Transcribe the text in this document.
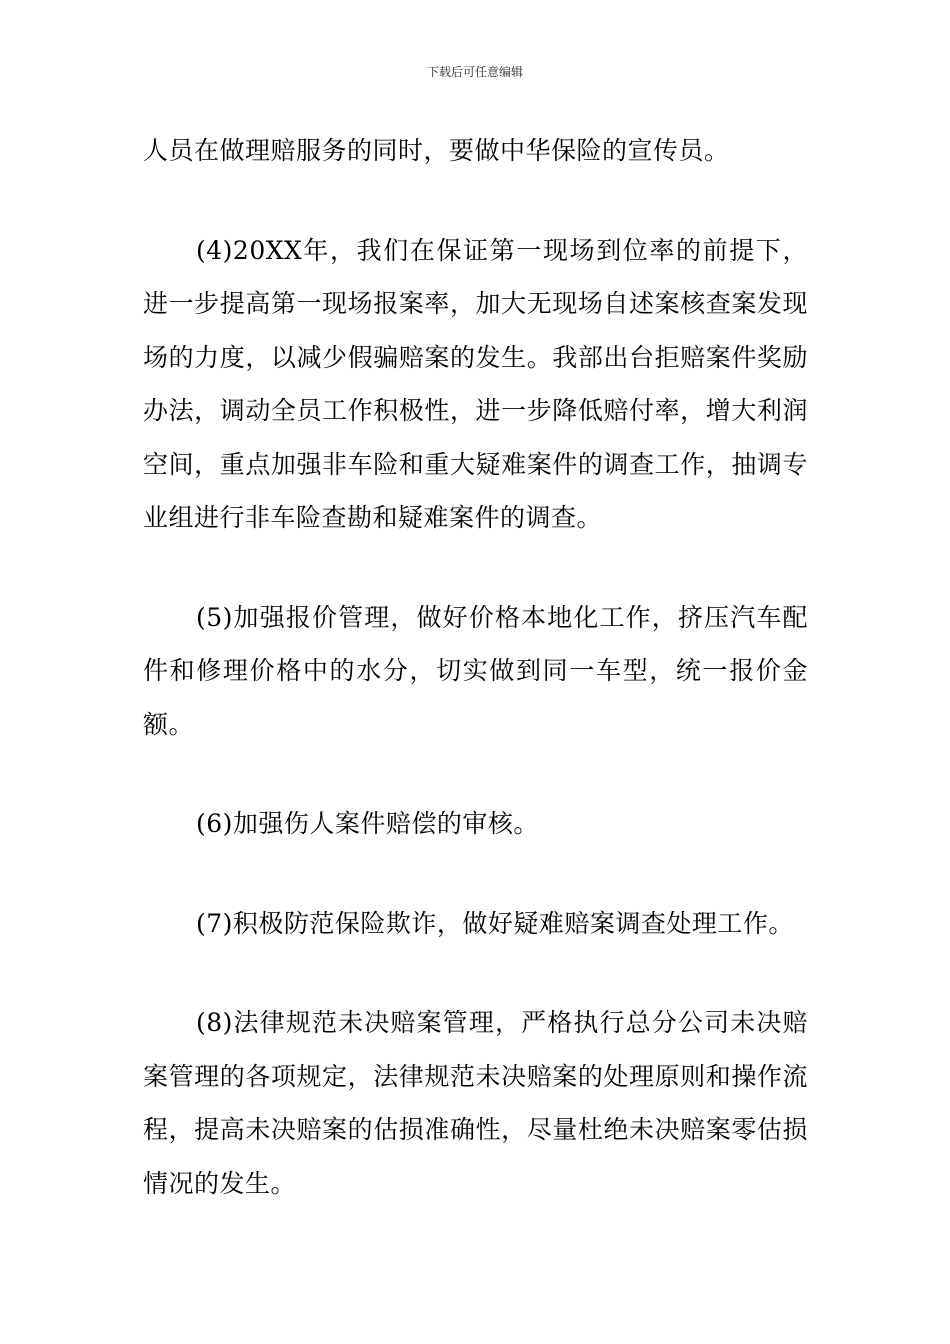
下载后可任意编辑

人员在做理赔服务的同时，要做中华保险的宣传员。

(4)20XX年，我们在保证第一现场到位率的前提下，进一步提高第一现场报案率，加大无现场自述案核查案发现场的力度，以减少假骗赔案的发生。我部出台拒赔案件奖励办法，调动全员工作积极性，进一步降低赔付率，增大利润空间，重点加强非车险和重大疑难案件的调查工作，抽调专业组进行非车险查勘和疑难案件的调查。

(5)加强报价管理，做好价格本地化工作，挤压汽车配件和修理价格中的水分，切实做到同一车型，统一报价金额。

(6)加强伤人案件赔偿的审核。

(7)积极防范保险欺诈，做好疑难赔案调查处理工作。

(8)法律规范未决赔案管理，严格执行总分公司未决赔案管理的各项规定，法律规范未决赔案的处理原则和操作流程，提高未决赔案的估损准确性，尽量杜绝未决赔案零估损情况的发生。
